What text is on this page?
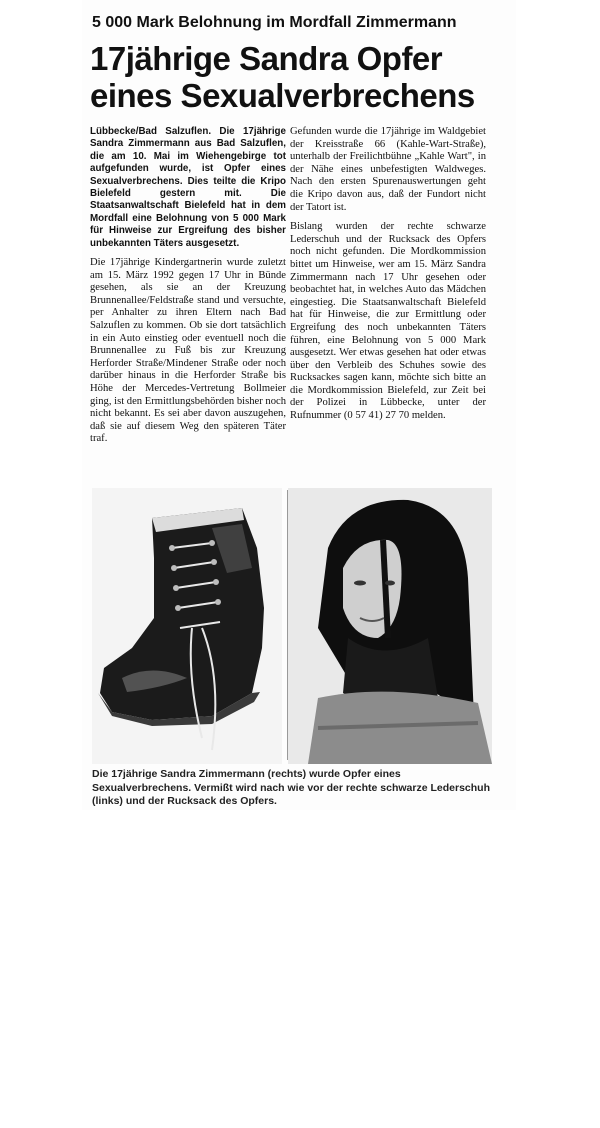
5 000 Mark Belohnung im Mordfall Zimmermann
17jährige Sandra Opfer
eines Sexualverbrechens

Lübbecke/Bad Salzuflen. Die 17jährige Sandra Zimmermann aus Bad Salzuflen, die am 10. Mai im Wiehengebirge tot aufgefunden wurde, ist Opfer eines Sexualverbrechens. Dies teilte die Kripo Bielefeld gestern mit. Die Staatsanwaltschaft Bielefeld hat in dem Mordfall eine Belohnung von 5 000 Mark für Hinweise zur Ergreifung des bisher unbekannten Täters ausgesetzt.

Die 17jährige Kindergartnerin wurde zuletzt am 15. März 1992 gegen 17 Uhr in Bünde gesehen, als sie an der Kreuzung Brunnenallee/Feldstraße stand und versuchte, per Anhalter zu ihren Eltern nach Bad Salzuflen zu kommen. Ob sie dort tatsächlich in ein Auto einstieg oder eventuell noch die Brunnenallee zu Fuß bis zur Kreuzung Herforder Straße/Mindener Straße oder noch darüber hinaus in die Herforder Straße bis Höhe der Mercedes-Vertretung Bollmeier ging, ist den Ermittlungsbehörden bisher noch nicht bekannt. Es sei aber davon auszugehen, daß sie auf diesem Weg den späteren Täter traf.

Gefunden wurde die 17jährige im Waldgebiet der Kreisstraße 66 (Kahle-Wart-Straße), unterhalb der Freilichtbühne „Kahle Wart", in der Nähe eines unbefestigten Waldweges. Nach den ersten Spurenauswertungen geht die Kripo davon aus, daß der Fundort nicht der Tatort ist.

Bislang wurden der rechte schwarze Lederschuh und der Rucksack des Opfers noch nicht gefunden. Die Mordkommission bittet um Hinweise, wer am 15. März Sandra Zimmermann nach 17 Uhr gesehen oder beobachtet hat, in welches Auto das Mädchen eingestieg. Die Staatsanwaltschaft Bielefeld hat für Hinweise, die zur Ermittlung oder Ergreifung des noch unbekannten Täters führen, eine Belohnung von 5 000 Mark ausgesetzt. Wer etwas gesehen hat oder etwas über den Verbleib des Schuhes sowie des Rucksackes sagen kann, möchte sich bitte an die Mordkommission Bielefeld, zur Zeit bei der Polizei in Lübbecke, unter der Rufnummer (0 57 41) 27 70 melden.

Die 17jährige Sandra Zimmermann (rechts) wurde Opfer eines Sexualverbrechens. Vermißt wird nach wie vor der rechte schwarze Lederschuh (links) und der Rucksack des Opfers.
